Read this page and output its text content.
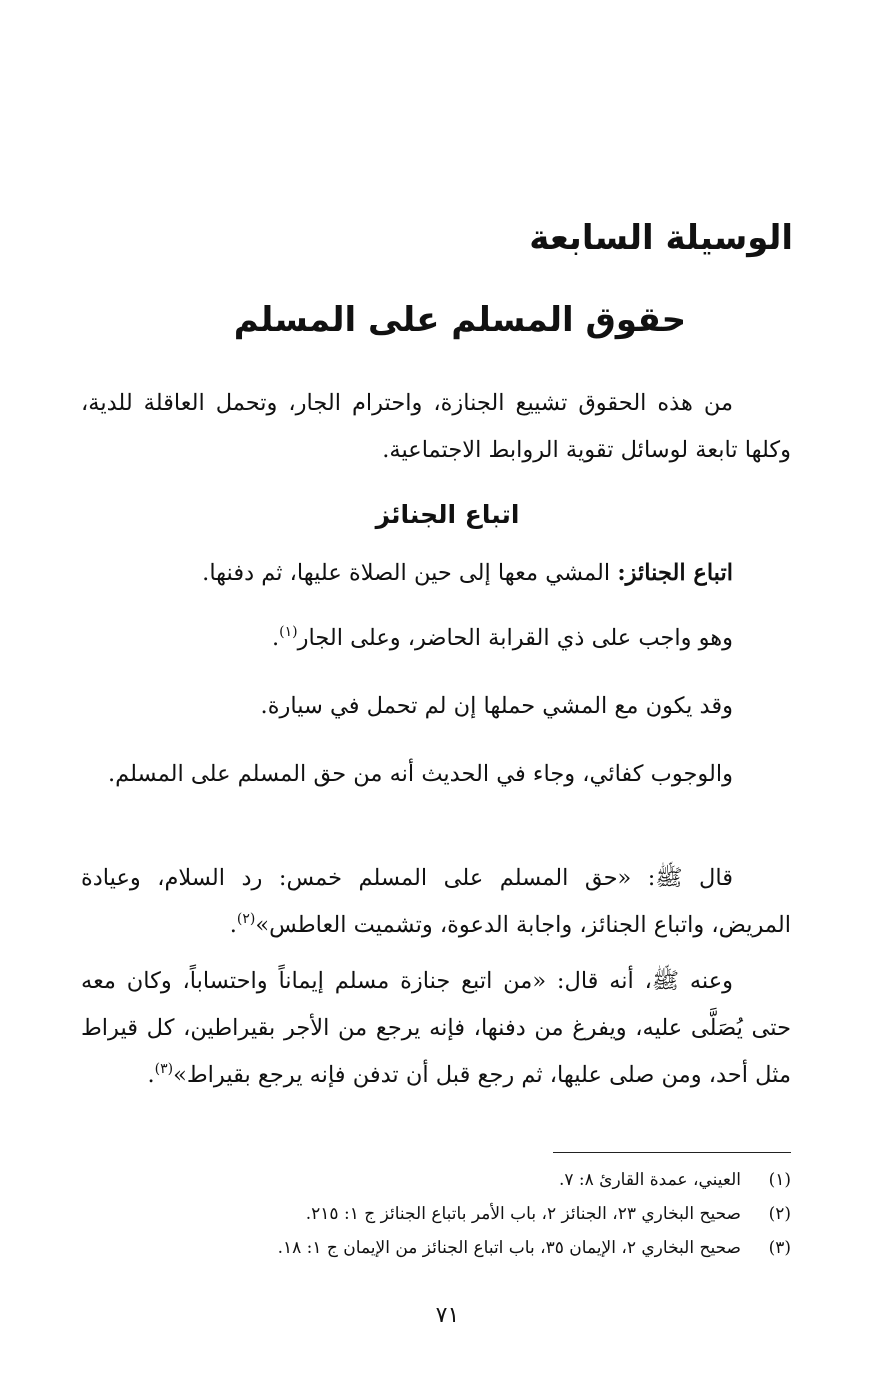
الوسيلة السابعة
حقوق المسلم على المسلم
من هذه الحقوق تشييع الجنازة، واحترام الجار، وتحمل العاقلة للدية، وكلها تابعة لوسائل تقوية الروابط الاجتماعية.
اتباع الجنائز
اتباع الجنائز: المشي معها إلى حين الصلاة عليها، ثم دفنها.
وهو واجب على ذي القرابة الحاضر، وعلى الجار$^{(١)}$.
وقد يكون مع المشي حملها إن لم تحمل في سيارة.
والوجوب كفائي، وجاء في الحديث أنه من حق المسلم على المسلم.
قال ﷺ: «حق المسلم على المسلم خمس: رد السلام، وعيادة المريض، واتباع الجنائز، واجابة الدعوة، وتشميت العاطس»$^{(٢)}$.
وعنه ﷺ، أنه قال: «من اتبع جنازة مسلم إيماناً واحتساباً، وكان معه حتى يُصَلَّى عليه، ويفرغ من دفنها، فإنه يرجع من الأجر بقيراطين، كل قيراط مثل أحد، ومن صلى عليها، ثم رجع قبل أن تدفن فإنه يرجع بقيراط»$^{(٣)}$.
(١)
العيني، عمدة القارئ ٨: ٧.
(٢)
صحيح البخاري ٢٣، الجنائز ٢، باب الأمر باتباع الجنائز ج ١: ٢١٥.
(٣)
صحيح البخاري ٢، الإيمان ٣٥، باب اتباع الجنائز من الإيمان ج ١: ١٨.
٧١
